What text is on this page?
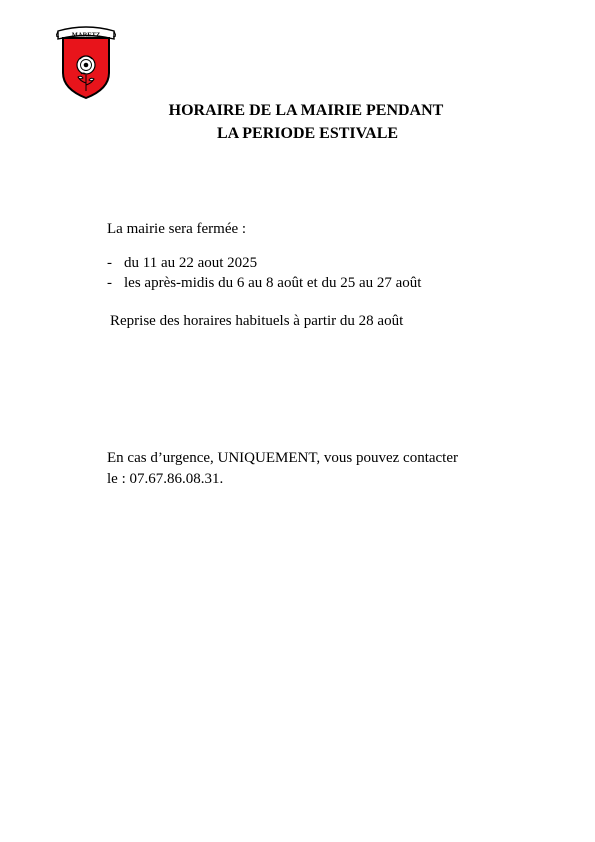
MARETZ
HORAIRE DE LA MAIRIE PENDANT
LA PERIODE ESTIVALE
La mairie sera fermée :
- du 11 au 22 aout 2025
- les après-midis du 6 au 8 août et du 25 au 27 août
Reprise des horaires habituels à partir du 28 août
En cas d’urgence, UNIQUEMENT, vous pouvez contacter
le : 07.67.86.08.31.
